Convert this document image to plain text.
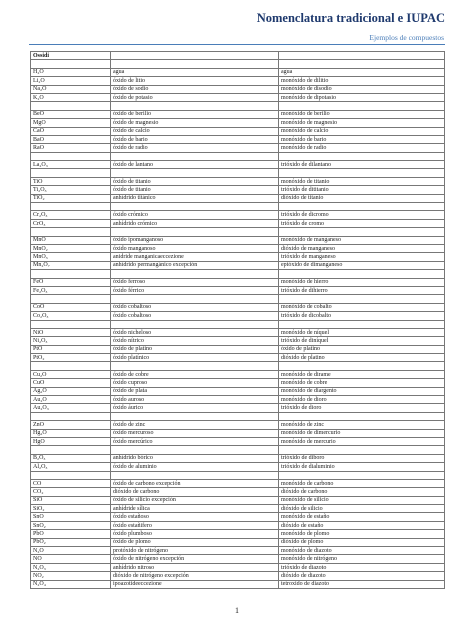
Nomenclatura tradicional e IUPAC
Ejemplos de compuestos
Ossidi		

H₂O	agua	agua
Li₂O	óxido de litio	monóxido de dilitio
Na₂O	óxido de sodio	monóxido de disodio
K₂O	óxido de potasio	monóxido de dipotasio

BeO	óxido de berilio	monóxido de berilio
MgO	óxido de magnesio	monóxido de magnesio
CaO	óxido de calcio	monóxido de calcio
BaO	óxido de bario	monóxido de bario
RaO	óxido de radio	monóxido de radio

La₂O₃	óxido de lantano	trióxido de dilantano

TiO	óxido de titanio	monóxido de titanio
Ti₂O₃	óxido de titanio	trióxido de dititanio
TiO₂	anhídrido titánico	dióxido de titanio

Cr₂O₃	óxido crómico	trióxido de dicromo
CrO₃	anhídrido crómico	trióxido de cromo

MnO	óxido ipomanganoso	monóxido de manganeso
MnO₂	óxido manganoso	dióxido de manganeso
MnO₃	anidride manganicaeccezione	trióxido de manganeso
Mn₂O₇	anhídrido permangánico excepción	eptóxido de dimanganeso

FeO	óxido ferroso	monóxido de hierro
Fe₂O₃	óxido férrico	trióxido de dihierro

CoO	óxido cobaltoso	monóxido de cobalto
Co₂O₃	óxido cobaltoso	trióxido de dicobalto

NiO	óxido nicheloso	monóxido de níquel
Ni₂O₃	óxido nítrico	trióxido de diníquel
PtO	óxido de platino	óxido de platino
PtO₂	óxido platínico	dióxido de platino

Cu₂O	óxido de cobre	monóxido de dirame
CuO	óxido cuproso	monóxido de cobre
Ag₂O	óxido de plata	monóxido de diargento
Au₂O	óxido auroso	monóxido de dioro
Au₂O₃	óxido áurico	trióxido de dioro

ZnO	óxido de zinc	monóxido de zinc
Hg₂O	óxido mercuroso	monóxido de dimercurio
HgO	óxido mercúrico	monóxido de mercurio

B₂O₃	anhídrido bórico	trióxido de diboro
Al₂O₃	óxido de aluminio	trióxido de dialuminio

CO	óxido de carbono excepción	monóxido de carbono
CO₂	dióxido de carbono	dióxido de carbono
SiO	óxido de silicio excepción	monóxido de silicio
SiO₂	anhídride sílica	dióxido de silicio
SnO	óxido estañoso	monóxido de estaño
SnO₂	óxido estañifero	dióxido de estaño
PbO	óxido plumboso	monóxido de plomo
PbO₂	óxido de plomo	dióxido de plomo
N₂O	protóxido de nitrógeno	monóxido de diazoto
NO	óxido de nitrógeno excepción	monóxido de nitrógeno
N₂O₃	anhídrido nitroso	trióxido de diazoto
NO₂	dióxido de nitrógeno excepción	dióxido de diazoto
N₂O₄	ipoazotideeccezione	tetroxido de diazoto
1
